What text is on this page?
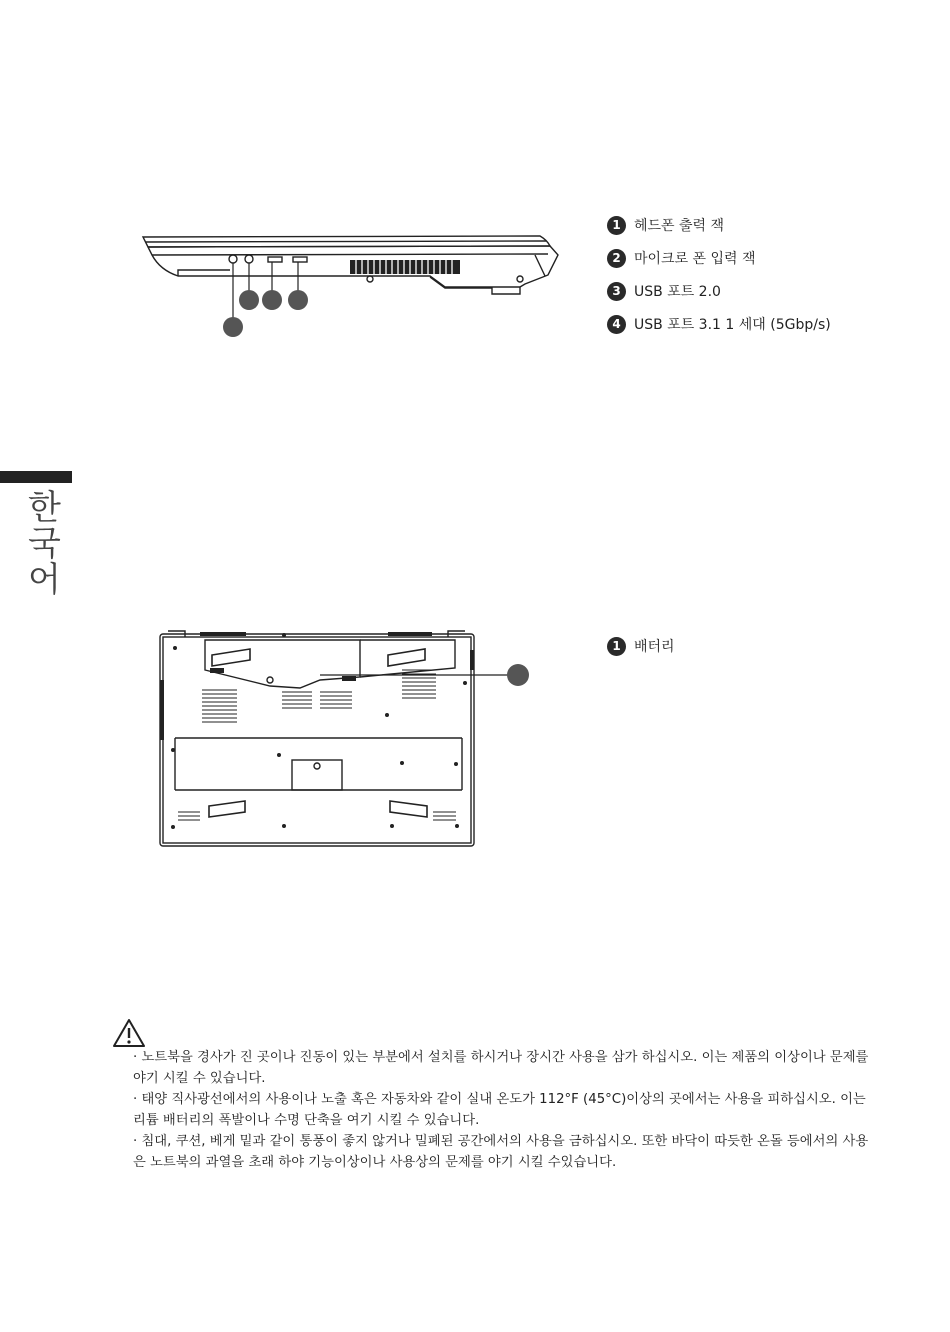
1 헤드폰 출력 잭
2 마이크로 폰 입력 잭
3 USB 포트 2.0
4 USB 포트 3.1 1 세대 (5Gbp/s)
한
국
어
1 배터리

· 노트북을 경사가 진 곳이나 진동이 있는 부분에서 설치를 하시거나 장시간 사용을 삼가 하십시오. 이는 제품의 이상이나 문제를 야기 시킬 수 있습니다.

· 태양 직사광선에서의 사용이나 노출 혹은 자동차와 같이 실내 온도가 112°F (45°C)이상의 곳에서는 사용을 피하십시오. 이는 리튬 배터리의 폭발이나 수명 단축을 여기 시킬 수 있습니다.

· 침대, 쿠션, 베게 밑과 같이 통풍이 좋지 않거나 밀폐된 공간에서의 사용을 금하십시오. 또한 바닥이 따듯한 온돌 등에서의 사용은 노트북의 과열을 초래 하야 기능이상이나 사용상의 문제를 야기 시킬 수있습니다.
